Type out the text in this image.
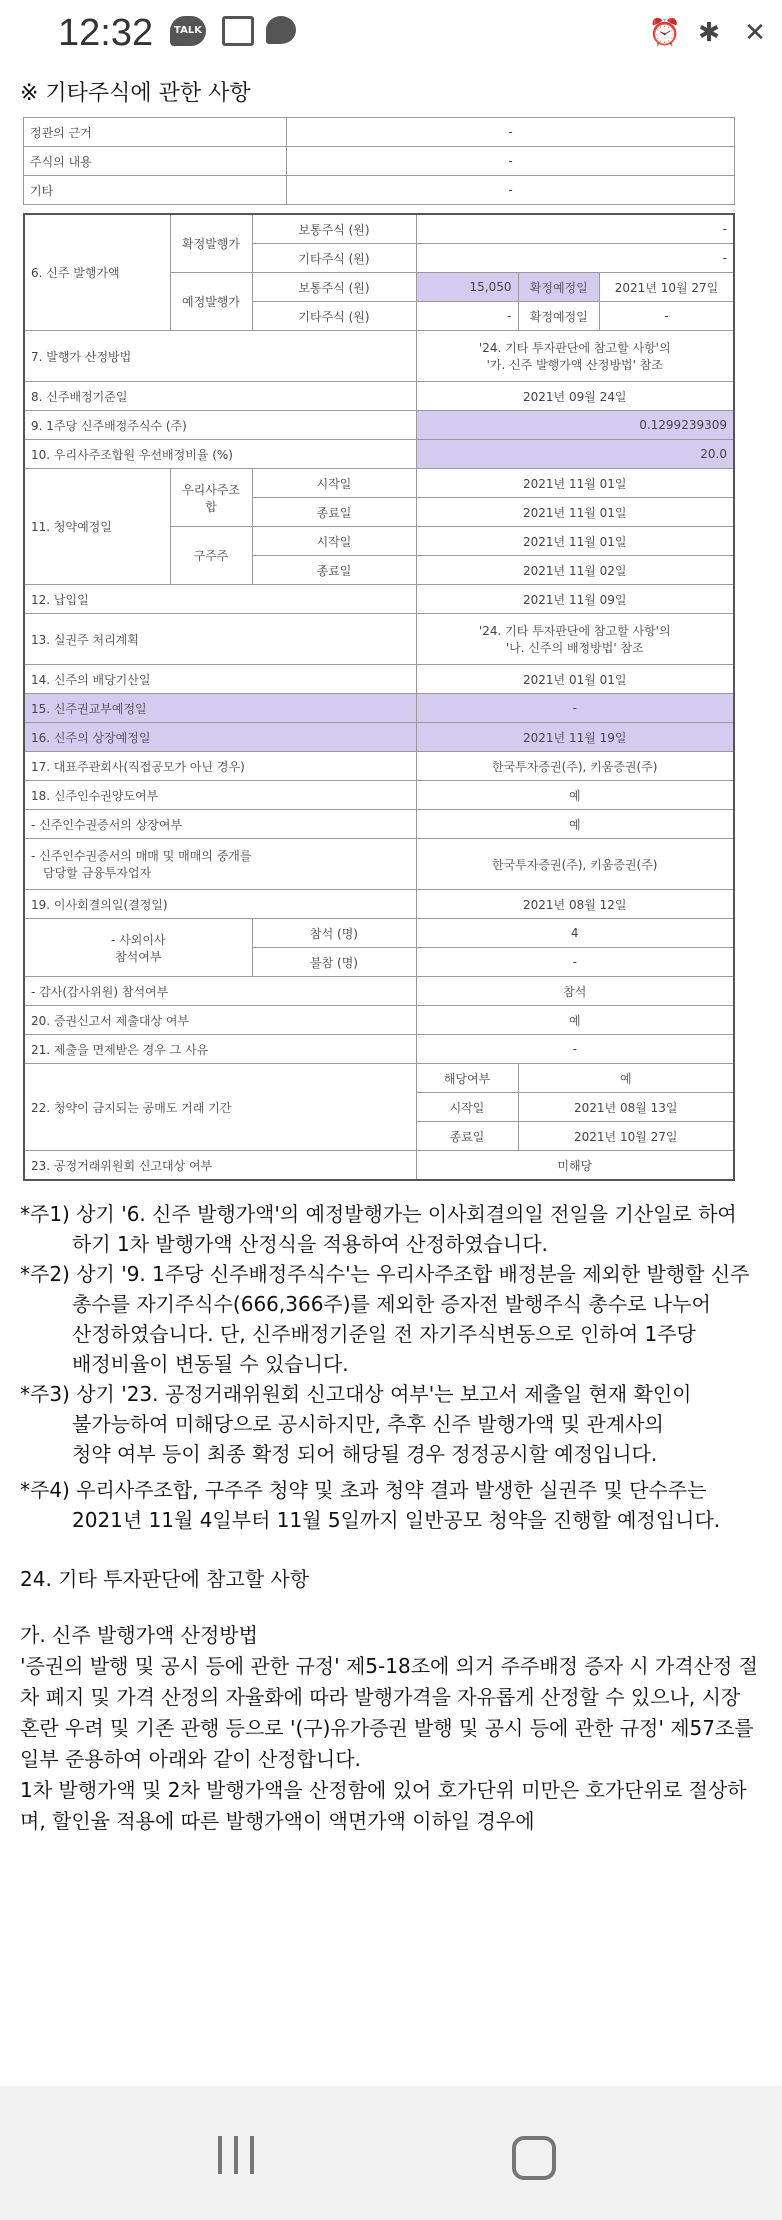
12:32	TALK	⏰ ✱ ✕
※ 기타주식에 관한 사항
정관의 근거	-
주식의 내용	-
기타	-
6. 신주 발행가액	확정발행가	보통주식 (원)	-		
		기타주식 (원)	-		
	예정발행가	보통주식 (원)	15,050	확정예정일	2021년 10월 27일
		기타주식 (원)	-	확정예정일	-
7. 발행가 산정방법			'24. 기타 투자판단에 참고할 사항'의
'가. 신주 발행가액 산정방법' 참조		

8. 신주배정기준일			2021년 09월 24일		
9. 1주당 신주배정주식수 (주)			0.1299239309		
10. 우리사주조합원 우선배정비율 (%)			20.0		
11. 청약예정일	우리사주조합	시작일	2021년 11월 01일		
		종료일	2021년 11월 01일		
	구주주	시작일	2021년 11월 01일		
		종료일	2021년 11월 02일		
12. 납입일			2021년 11월 09일		
13. 실권주 처리계획			'24. 기타 투자판단에 참고할 사항'의
'나. 신주의 배정방법' 참조		

14. 신주의 배당기산일			2021년 01월 01일		
15. 신주권교부예정일			-		
16. 신주의 상장예정일			2021년 11월 19일		
17. 대표주관회사(직접공모가 아닌 경우)			한국투자증권(주), 키움증권(주)		
18. 신주인수권양도여부			예		
- 신주인수권증서의 상장여부			예		

- 신주인수권증서의 매매 및 매매의 중개를
담당할 금융투자업자			한국투자증권(주), 키움증권(주)		
19. 이사회결의일(결정일)			2021년 08월 12일		

- 사외이사
참석여부		참석 (명)	4		
		불참 (명)	-		
- 감사(감사위원) 참석여부			참석		
20. 증권신고서 제출대상 여부			예		
21. 제출을 면제받은 경우 그 사유			-		
22. 청약이 금지되는 공매도 거래 기간			해당여부	예	
			시작일	2021년 08월 13일	
			종료일	2021년 10월 27일	
23. 공정거래위원회 신고대상 여부			미해당		

*주1) 상기 '6. 신주 발행가액'의 예정발행가는 이사회결의일 전일을 기산일로 하여

하기 1차 발행가액 산정식을 적용하여 산정하였습니다.

*주2) 상기 '9. 1주당 신주배정주식수'는 우리사주조합 배정분을 제외한 발행할 신주

총수를 자기주식수(666,366주)를 제외한 증자전 발행주식 총수로 나누어

산정하였습니다. 단, 신주배정기준일 전 자기주식변동으로 인하여 1주당

배정비율이 변동될 수 있습니다.

*주3) 상기 '23. 공정거래위원회 신고대상 여부'는 보고서 제출일 현재 확인이

불가능하여 미해당으로 공시하지만, 추후 신주 발행가액 및 관계사의

청약 여부 등이 최종 확정 되어 해당될 경우 정정공시할 예정입니다.

*주4) 우리사주조합, 구주주 청약 및 초과 청약 결과 발생한 실권주 및 단수주는

2021년 11월 4일부터 11월 5일까지 일반공모 청약을 진행할 예정입니다.

24. 기타 투자판단에 참고할 사항

가. 신주 발행가액 산정방법

'증권의 발행 및 공시 등에 관한 규정' 제5-18조에 의거 주주배정 증자 시 가격산정 절차 폐지 및 가격 산정의 자율화에 따라 발행가격을 자유롭게 산정할 수 있으나, 시장 혼란 우려 및 기존 관행 등으로 '(구)유가증권 발행 및 공시 등에 관한 규정' 제57조를 일부 준용하여 아래와 같이 산정합니다.

1차 발행가액 및 2차 발행가액을 산정함에 있어 호가단위 미만은 호가단위로 절상하며, 할인율 적용에 따른 발행가액이 액면가액 이하일 경우에
